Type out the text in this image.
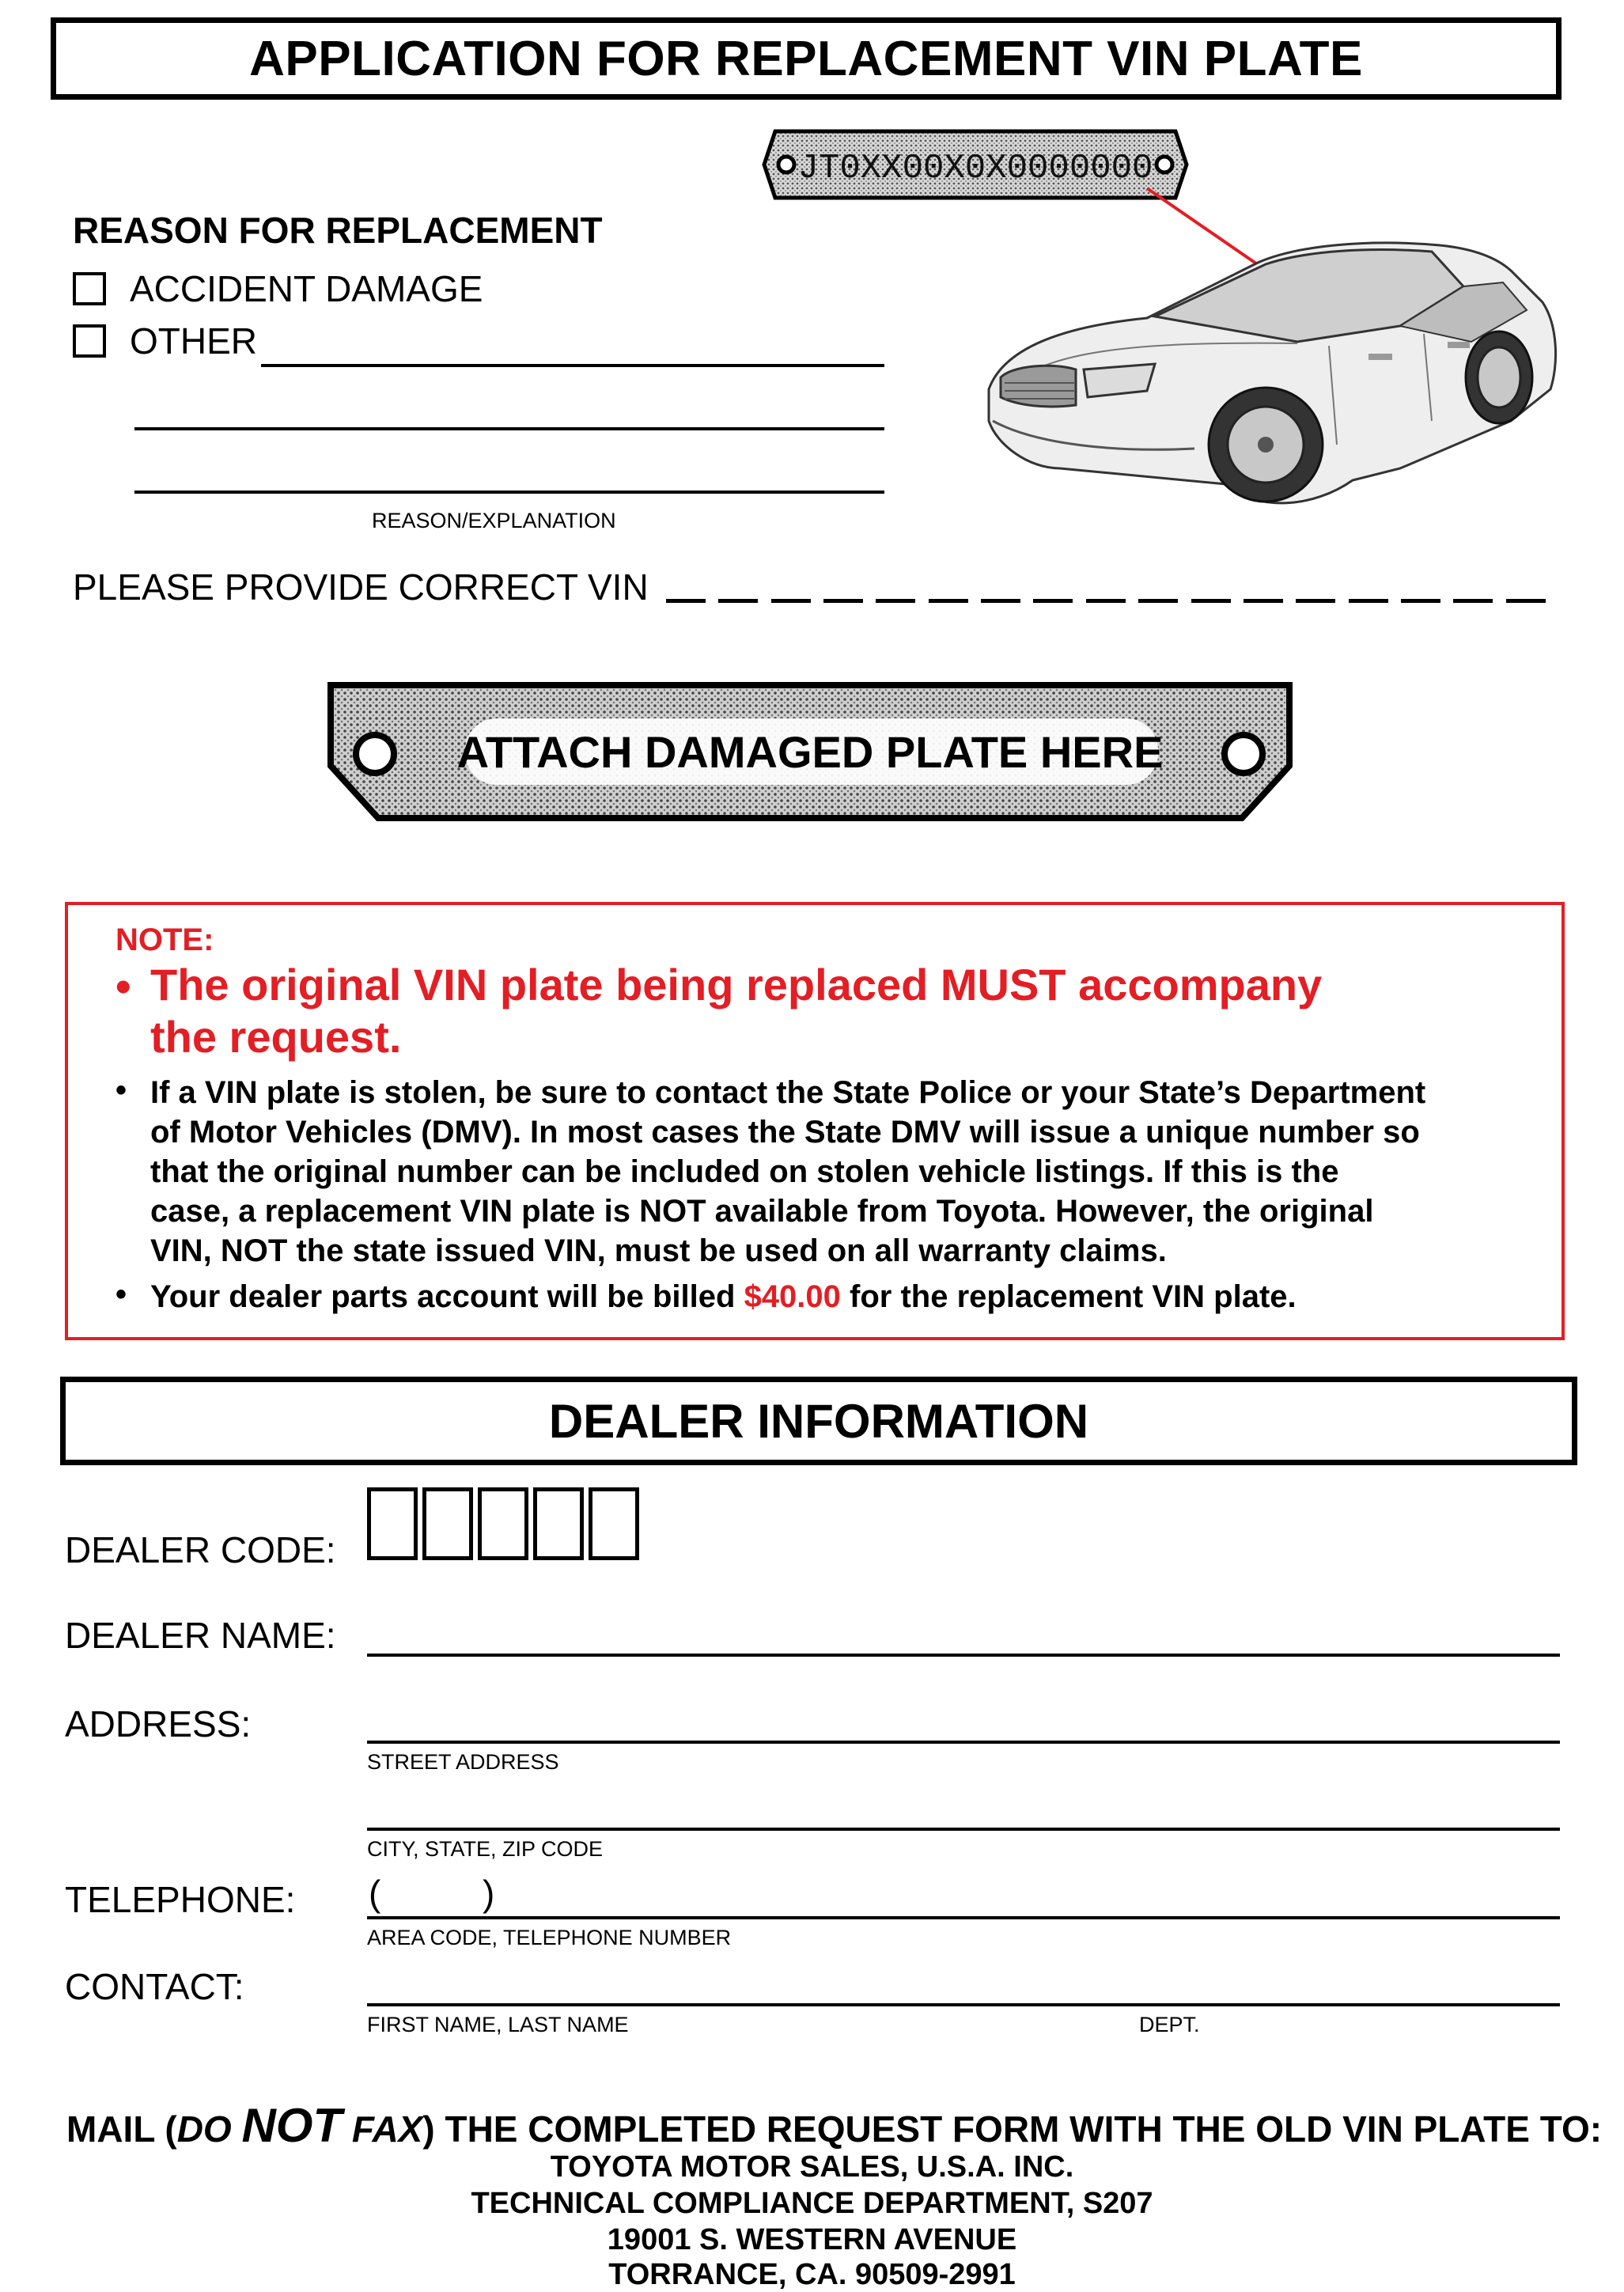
APPLICATION FOR REPLACEMENT VIN PLATE
JT0XX00X0X0000000
REASON FOR REPLACEMENT
ACCIDENT DAMAGE
OTHER
REASON/EXPLANATION
PLEASE PROVIDE CORRECT VIN
ATTACH DAMAGED PLATE HERE
NOTE:
• The original VIN plate being replaced MUST accompany
the request.
• If a VIN plate is stolen, be sure to contact the State Police or your State’s Department
of Motor Vehicles (DMV). In most cases the State DMV will issue a unique number so
that the original number can be included on stolen vehicle listings. If this is the
case, a replacement VIN plate is NOT available from Toyota. However, the original
VIN, NOT the state issued VIN, must be used on all warranty claims.
• Your dealer parts account will be billed $40.00 for the replacement VIN plate.
DEALER INFORMATION
DEALER CODE:
DEALER NAME:
ADDRESS:
STREET ADDRESS
CITY, STATE, ZIP CODE
TELEPHONE: (	)
AREA CODE, TELEPHONE NUMBER
CONTACT:
FIRST NAME, LAST NAME	DEPT.
MAIL (DO NOT FAX) THE COMPLETED REQUEST FORM WITH THE OLD VIN PLATE TO:
TOYOTA MOTOR SALES, U.S.A. INC.
TECHNICAL COMPLIANCE DEPARTMENT, S207
19001 S. WESTERN AVENUE
TORRANCE, CA. 90509-2991
